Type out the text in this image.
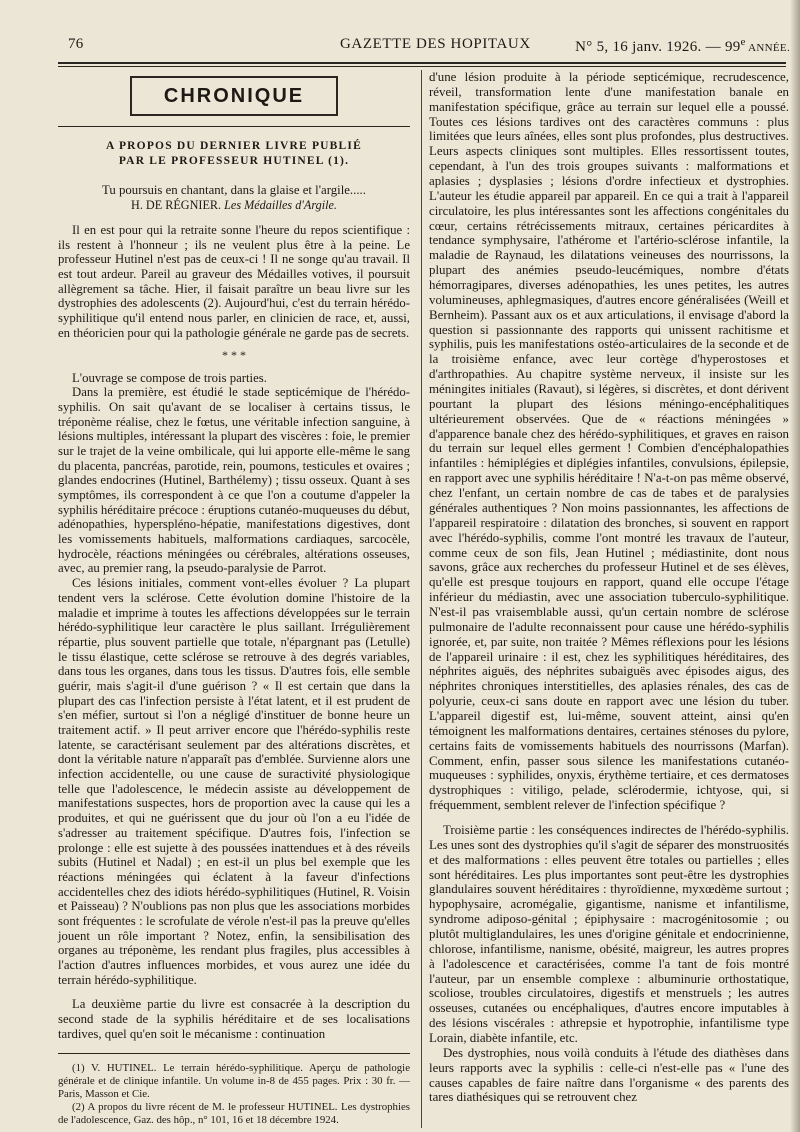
76	GAZETTE DES HOPITAUX	N° 5, 16 janv. 1926. — 99e ANNÉE.
CHRONIQUE
A PROPOS DU DERNIER LIVRE PUBLIÉ
PAR LE PROFESSEUR HUTINEL (1).
Tu poursuis en chantant, dans la glaise et l'argile.....
H. DE RÉGNIER. Les Médailles d'Argile.

Il en est pour qui la retraite sonne l'heure du repos scientifique : ils restent à l'honneur ; ils ne veulent plus être à la peine. Le professeur Hutinel n'est pas de ceux-ci ! Il ne songe qu'au travail. Il est tout ardeur. Pareil au graveur des Médailles votives, il poursuit allègrement sa tâche. Hier, il faisait paraître un beau livre sur les dystrophies des adolescents (2). Aujourd'hui, c'est du terrain hérédo-syphilitique qu'il entend nous parler, en clinicien de race, et, aussi, en théoricien pour qui la pathologie générale ne garde pas de secrets.

* * *

L'ouvrage se compose de trois parties.

Dans la première, est étudié le stade septicémique de l'hérédo-syphilis. On sait qu'avant de se localiser à certains tissus, le tréponème réalise, chez le fœtus, une véritable infection sanguine, à lésions multiples, intéressant la plupart des viscères : foie, le premier sur le trajet de la veine ombilicale, qui lui apporte elle-même le sang du placenta, pancréas, parotide, rein, poumons, testicules et ovaires ; glandes endocrines (Hutinel, Barthélemy) ; tissu osseux. Quant à ses symptômes, ils correspondent à ce que l'on a coutume d'appeler la syphilis héréditaire précoce : éruptions cutanéo-muqueuses du début, adénopathies, hypersplénо-hépatie, manifestations digestives, dont les vomissements habituels, malformations cardiaques, sarcocèle, hydrocèle, réactions méningées ou cérébrales, altérations osseuses, avec, au premier rang, la pseudo-paralysie de Parrot.

Ces lésions initiales, comment vont-elles évoluer ? La plupart tendent vers la sclérose. Cette évolution domine l'histoire de la maladie et imprime à toutes les affections développées sur le terrain hérédo-syphilitique leur caractère le plus saillant. Irrégulièrement répartie, plus souvent partielle que totale, n'épargnant pas (Letulle) le tissu élastique, cette sclérose se retrouve à des degrés variables, dans tous les organes, dans tous les tissus. D'autres fois, elle semble guérir, mais s'agit-il d'une guérison ? « Il est certain que dans la plupart des cas l'infection persiste à l'état latent, et il est prudent de s'en méfier, surtout si l'on a négligé d'instituer de bonne heure un traitement actif. » Il peut arriver encore que l'hérédo-syphilis reste latente, se caractérisant seulement par des altérations discrètes, et dont la véritable nature n'apparaît pas d'emblée. Survienne alors une infection accidentelle, ou une cause de suractivité physiologique telle que l'adolescence, le médecin assiste au développement de manifestations suspectes, hors de proportion avec la cause qui les a produites, et qui ne guérissent que du jour où l'on a eu l'idée de s'adresser au traitement spécifique. D'autres fois, l'infection se prolonge : elle est sujette à des poussées inattendues et à des réveils subits (Hutinel et Nadal) ; en est-il un plus bel exemple que les réactions méningées qui éclatent à la faveur d'infections accidentelles chez des idiots hérédo-syphilitiques (Hutinel, R. Voisin et Paisseau) ? N'oublions pas non plus que les associations morbides sont fréquentes : le scrofulate de vérole n'est-il pas la preuve qu'elles jouent un rôle important ? Notez, enfin, la sensibilisation des organes au tréponème, les rendant plus fragiles, plus accessibles à l'action d'autres influences morbides, et vous aurez une idée du terrain hérédo-syphilitique.

La deuxième partie du livre est consacrée à la description du second stade de la syphilis héréditaire et de ses localisations tardives, quel qu'en soit le mécanisme : continuation

(1) V. HUTINEL. Le terrain hérédo-syphilitique. Aperçu de pathologie générale et de clinique infantile. Un volume in-8 de 455 pages. Prix : 30 fr. — Paris, Masson et Cie.

(2) A propos du livre récent de M. le professeur HUTINEL. Les dystrophies de l'adolescence, Gaz. des hôp., n° 101, 16 et 18 décembre 1924.

d'une lésion produite à la période septicémique, recrudescence, réveil, transformation lente d'une manifestation banale en manifestation spécifique, grâce au terrain sur lequel elle a poussé. Toutes ces lésions tardives ont des caractères communs : plus limitées que leurs aînées, elles sont plus profondes, plus destructives. Leurs aspects cliniques sont multiples. Elles ressortissent toutes, cependant, à l'un des trois groupes suivants : malformations et aplasies ; dysplasies ; lésions d'ordre infectieux et dystrophies. L'auteur les étudie appareil par appareil. En ce qui a trait à l'appareil circulatoire, les plus intéressantes sont les affections congénitales du cœur, certains rétrécissements mitraux, certaines péricardites à tendance symphysaire, l'athérome et l'artério-sclérose infantile, la maladie de Raynaud, les dilatations veineuses des nourrissons, la plupart des anémies pseudo-leucémiques, nombre d'états hémorragipares, diverses adénopathies, les unes petites, les autres volumineuses, aphlegmasiques, d'autres encore généralisées (Weill et Bernheim). Passant aux os et aux articulations, il envisage d'abord la question si passionnante des rapports qui unissent rachitisme et syphilis, puis les manifestations ostéo-articulaires de la seconde et de la troisième enfance, avec leur cortège d'hyperostoses et d'arthropathies. Au chapitre système nerveux, il insiste sur les méningites initiales (Ravaut), si légères, si discrètes, et dont dérivent pourtant la plupart des lésions méningo-encéphalitiques ultérieurement observées. Que de « réactions méningées » d'apparence banale chez des hérédo-syphilitiques, et graves en raison du terrain sur lequel elles germent ! Combien d'encéphalopathies infantiles : hémiplégies et diplégies infantiles, convulsions, épilepsie, en rapport avec une syphilis héréditaire ! N'a-t-on pas même observé, chez l'enfant, un certain nombre de cas de tabes et de paralysies générales authentiques ? Non moins passionnantes, les affections de l'appareil respiratoire : dilatation des bronches, si souvent en rapport avec l'hérédo-syphilis, comme l'ont montré les travaux de l'auteur, comme ceux de son fils, Jean Hutinel ; médiastinite, dont nous savons, grâce aux recherches du professeur Hutinel et de ses élèves, qu'elle est presque toujours en rapport, quand elle occupe l'étage inférieur du médiastin, avec une association tuberculo-syphilitique. N'est-il pas vraisemblable aussi, qu'un certain nombre de sclérose pulmonaire de l'adulte reconnaissent pour cause une hérédo-syphilis ignorée, et, par suite, non traitée ? Mêmes réflexions pour les lésions de l'appareil urinaire : il est, chez les syphilitiques héréditaires, des néphrites aiguës, des néphrites subaiguës avec épisodes aigus, des néphrites chroniques interstitielles, des aplasies rénales, des cas de polyurie, ceux-ci sans doute en rapport avec une lésion du tuber. L'appareil digestif est, lui-même, souvent atteint, ainsi qu'en témoignent les malformations dentaires, certaines sténoses du pylore, certains faits de vomissements habituels des nourrissons (Marfan). Comment, enfin, passer sous silence les manifestations cutanéo-muqueuses : syphilides, onyxis, érythème tertiaire, et ces dermatoses dystrophiques : vitiligo, pelade, sclérodermie, ichtyose, qui, si fréquemment, semblent relever de l'infection spécifique ?

Troisième partie : les conséquences indirectes de l'hérédo-syphilis. Les unes sont des dystrophies qu'il s'agit de séparer des monstruosités et des malformations : elles peuvent être totales ou partielles ; elles sont héréditaires. Les plus importantes sont peut-être les dystrophies glandulaires souvent héréditaires : thyroïdienne, myxœdème surtout ; hypophysaire, acromégalie, gigantisme, nanisme et infantilisme, syndrome adiposo-génital ; épiphysaire : macrogénitosomie ; ou plutôt multiglandulaires, les unes d'origine génitale et endocrinienne, chlorose, infantilisme, nanisme, obésité, maigreur, les autres propres à l'adolescence et caractérisées, comme l'a tant de fois montré l'auteur, par un ensemble complexe : albuminurie orthostatique, scoliose, troubles circulatoires, digestifs et menstruels ; les autres osseuses, cutanées ou encéphaliques, d'autres encore imputables à des lésions viscérales : athrepsie et hypotrophie, infantilisme type Lorain, diabète infantile, etc.

Des dystrophies, nous voilà conduits à l'étude des diathèses dans leurs rapports avec la syphilis : celle-ci n'est-elle pas « l'une des causes capables de faire naître dans l'organisme « des parents des tares diathésiques qui se retrouvent chez
